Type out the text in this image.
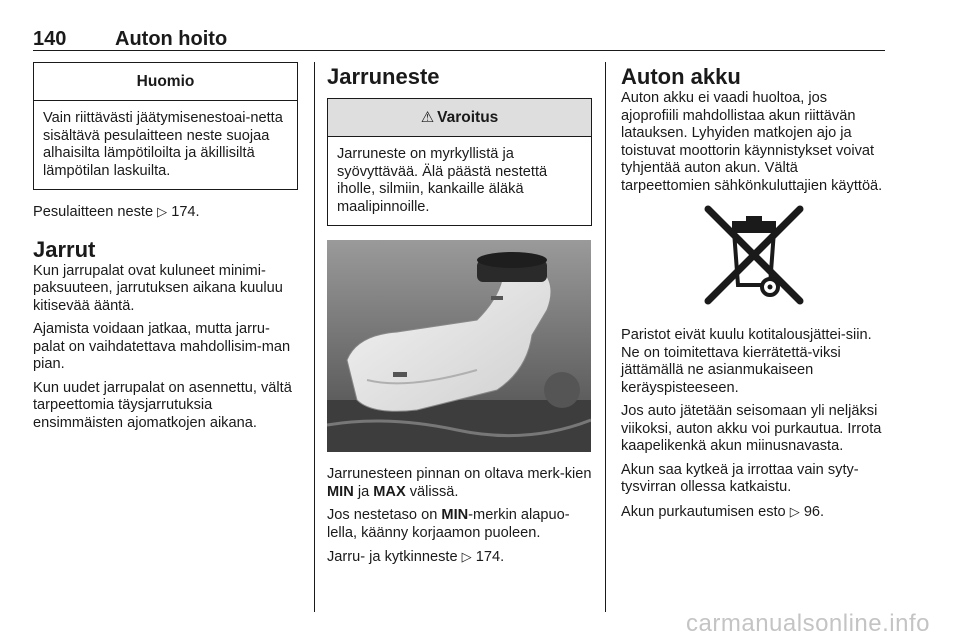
140 Auton hoito
Huomio
Vain riittävästi jäätymisenestoai-netta sisältävä pesulaitteen neste suojaa alhaisilta lämpötiloilta ja äkillisiltä lämpötilan laskuilta.

Pesulaitteen neste ▷ 174.

Jarrut

Kun jarrupalat ovat kuluneet minimi-paksuuteen, jarrutuksen aikana kuuluu kitisevää ääntä.

Ajamista voidaan jatkaa, mutta jarru-palat on vaihdatettava mahdollisim-man pian.

Kun uudet jarrupalat on asennettu, vältä tarpeettomia täysjarrutuksia ensimmäisten ajomatkojen aikana.

Jarruneste
⚠ Varoitus
Jarruneste on myrkyllistä ja syövyttävää. Älä päästä nestettä iholle, silmiin, kankaille äläkä maalipinnoille.

Jarrunesteen pinnan on oltava merk-kien MIN ja MAX välissä.

Jos nestetaso on MIN-merkin alapuo-lella, käänny korjaamon puoleen.

Jarru- ja kytkinneste ▷ 174.

Auton akku

Auton akku ei vaadi huoltoa, jos ajoprofiili mahdollistaa akun riittävän latauksen. Lyhyiden matkojen ajo ja toistuvat moottorin käynnistykset voivat tyhjentää auton akun. Vältä tarpeettomien sähkönkuluttajien käyttöä.

Paristot eivät kuulu kotitalousjättei-siin. Ne on toimitettava kierrätettä-viksi jättämällä ne asianmukaiseen keräyspisteeseen.

Jos auto jätetään seisomaan yli neljäksi viikoksi, auton akku voi purkautua. Irrota kaapelikenkä akun miinusnavasta.

Akun saa kytkeä ja irrottaa vain syty-tysvirran ollessa katkaistu.

Akun purkautumisen esto ▷ 96.

carmanualsonline.info
